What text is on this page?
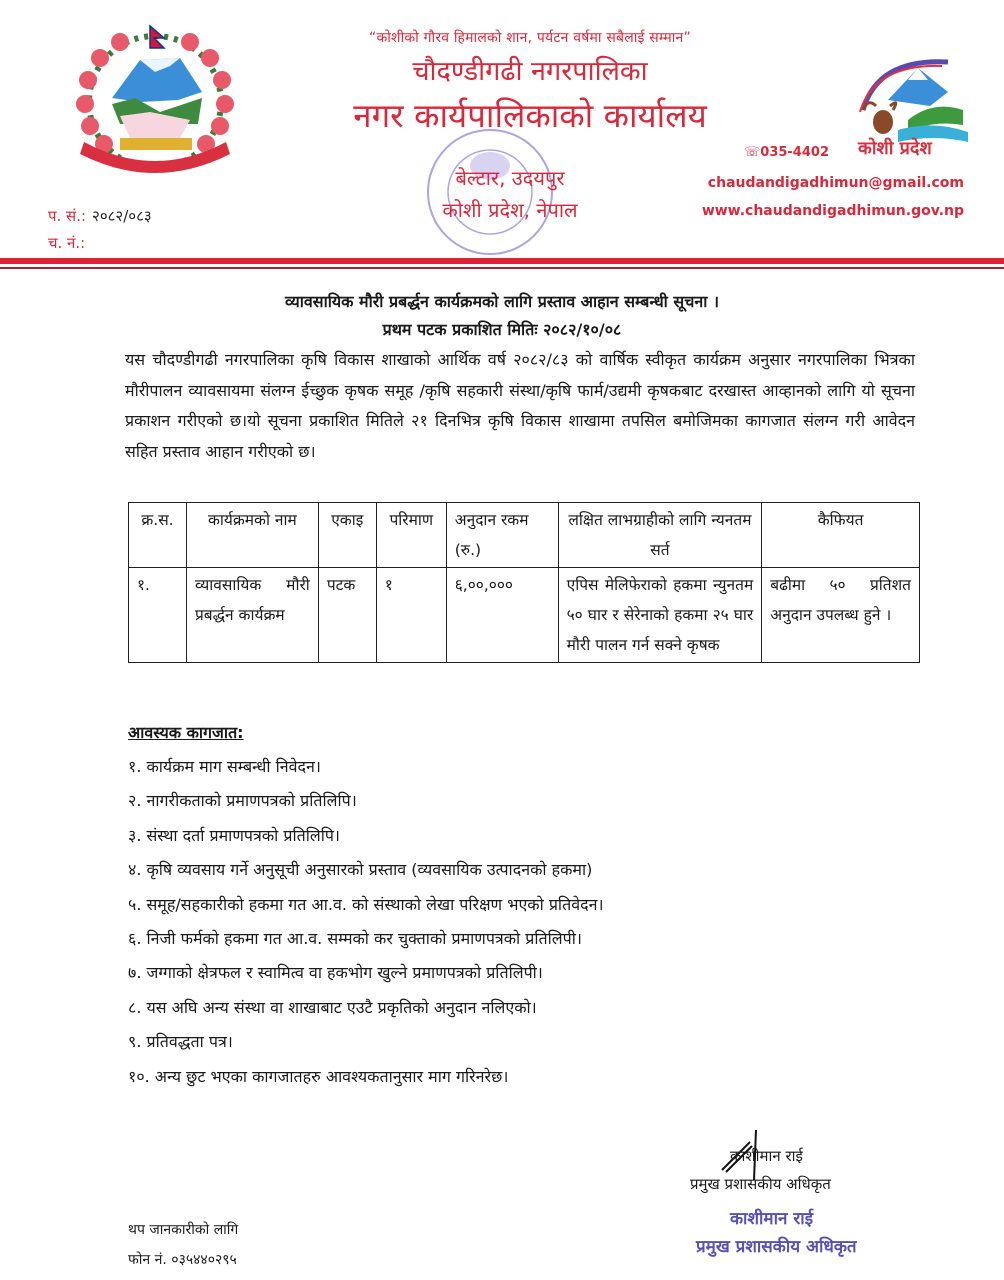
“कोशीको गौरव हिमालको शान, पर्यटन वर्षमा सबैलाई सम्मान”
चौदण्डीगढी नगरपालिका
नगर कार्यपालिकाको कार्यालय
बेल्टार, उदयपुर
कोशी प्रदेश, नेपाल
कोशी प्रदेश
☏035-4402
chaudandigadhimun@gmail.com
www.chaudandigadhimun.gov.np
प. सं.: २०८२/०८३
च. नं.:
व्यावसायिक मौरी प्रबर्द्धन कार्यक्रमको लागि प्रस्ताव आहान सम्बन्धी सूचना ।
प्रथम पटक प्रकाशित मितिः २०८२/१०/०८
यस चौदण्डीगढी नगरपालिका कृषि विकास शाखाको आर्थिक वर्ष २०८२/८३ को वार्षिक स्वीकृत कार्यक्रम अनुसार नगरपालिका भित्रका मौरीपालन व्यावसायमा संलग्न ईच्छुक कृषक समूह /कृषि सहकारी संस्था/कृषि फार्म/उद्यमी कृषकबाट दरखास्त आव्हानको लागि यो सूचना प्रकाशन गरीएको छ।यो सूचना प्रकाशित मितिले २१ दिनभित्र कृषि विकास शाखामा तपसिल बमोजिमका कागजात संलग्न गरी आवेदन सहित प्रस्ताव आहान गरीएको छ।
क्र.स.	कार्यक्रमको नाम	एकाइ	परिमाण	अनुदान रकम (रु.)	लक्षित लाभग्राहीको लागि न्यनतम सर्त	कैफियत
१.	व्यावसायिक मौरी प्रबर्द्धन कार्यक्रम	पटक	१	६,००,०००	एपिस मेलिफेराको हकमा न्युनतम ५० घार र सेरेनाको हकमा २५ घार मौरी पालन गर्न सक्ने कृषक	बढीमा ५० प्रतिशत अनुदान उपलब्ध हुने ।
आवस्यक कागजात:
१. कार्यक्रम माग सम्बन्धी निवेदन।
२. नागरीकताको प्रमाणपत्रको प्रतिलिपि।
३. संस्था दर्ता प्रमाणपत्रको प्रतिलिपि।
४. कृषि व्यवसाय गर्ने अनुसूची अनुसारको प्रस्ताव (व्यवसायिक उत्पादनको हकमा)
५. समूह/सहकारीको हकमा गत आ.व. को संस्थाको लेखा परिक्षण भएको प्रतिवेदन।
६. निजी फर्मको हकमा गत आ.व. सम्मको कर चुक्ताको प्रमाणपत्रको प्रतिलिपी।
७. जग्गाको क्षेत्रफल र स्वामित्व वा हकभोग खुल्ने प्रमाणपत्रको प्रतिलिपी।
८. यस अघि अन्य संस्था वा शाखाबाट एउटै प्रकृतिको अनुदान नलिएको।
९. प्रतिवद्धता पत्र।
१०. अन्य छुट भएका कागजातहरु आवश्यकतानुसार माग गरिनरेछ।
काशीमान राई
प्रमुख प्रशासकीय अधिकृत
काशीमान राई
प्रमुख प्रशासकीय अधिकृत
थप जानकारीको लागि
फोन नं. ०३५४४०२९५
